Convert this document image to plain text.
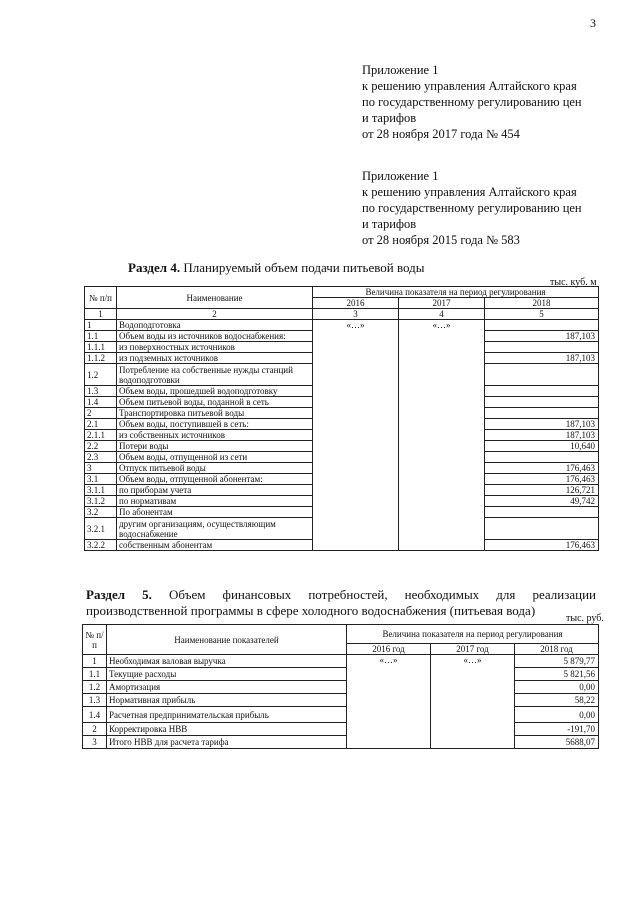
3
Приложение 1
к решению управления Алтайского края
по государственному регулированию цен
и тарифов
от 28 ноября 2017 года № 454
Приложение 1
к решению управления Алтайского края
по государственному регулированию цен
и тарифов
от 28 ноября 2015 года № 583
Раздел 4. Планируемый объем подачи питьевой воды
тыс. куб. м
№ п/п	Наименование	Величина показателя на период регулирования		
		2016	2017	2018
1	2	3	4	5
1	Водоподготовка	«…»	«…»	
1.1	Объем воды из источников водоснабжения:			187,103
1.1.1	из поверхностных источников			
1.1.2	из подземных источников			187,103
1.2	Потребление на собственные нужды станций водоподготовки			
1.3	Объем воды, прошедшей водоподготовку			
1.4	Объем питьевой воды, поданной в сеть			
2	Транспортировка питьевой воды			
2.1	Объем воды, поступившей в сеть:			187,103
2.1.1	из собственных источников			187,103
2.2	Потери воды			10,640
2.3	Объем воды, отпущенной из сети			
3	Отпуск питьевой воды			176,463
3.1	Объем воды, отпущенной абонентам:			176,463
3.1.1	по приборам учета			126,721
3.1.2	по нормативам			49,742
3.2	По абонентам			
3.2.1	другим организациям, осуществляющим водоснабжение			
3.2.2	собственным абонентам			176,463
Раздел 5. Объем финансовых потребностей, необходимых для реализации производственной программы в сфере холодного водоснабжения (питьевая вода)
тыс. руб.
№ п/п	Наименование показателей	Величина показателя на период регулирования		
		2016 год	2017 год	2018 год
1	Необходимая валовая выручка	«…»	«…»	5 879,77
1.1	Текущие расходы			5 821,56
1.2	Амортизация			0,00
1.3	Нормативная прибыль			58,22
1.4	Расчетная предпринимательская прибыль			0,00
2	Корректировка НВВ			-191,70
3	Итого НВВ для расчета тарифа			5688,07
